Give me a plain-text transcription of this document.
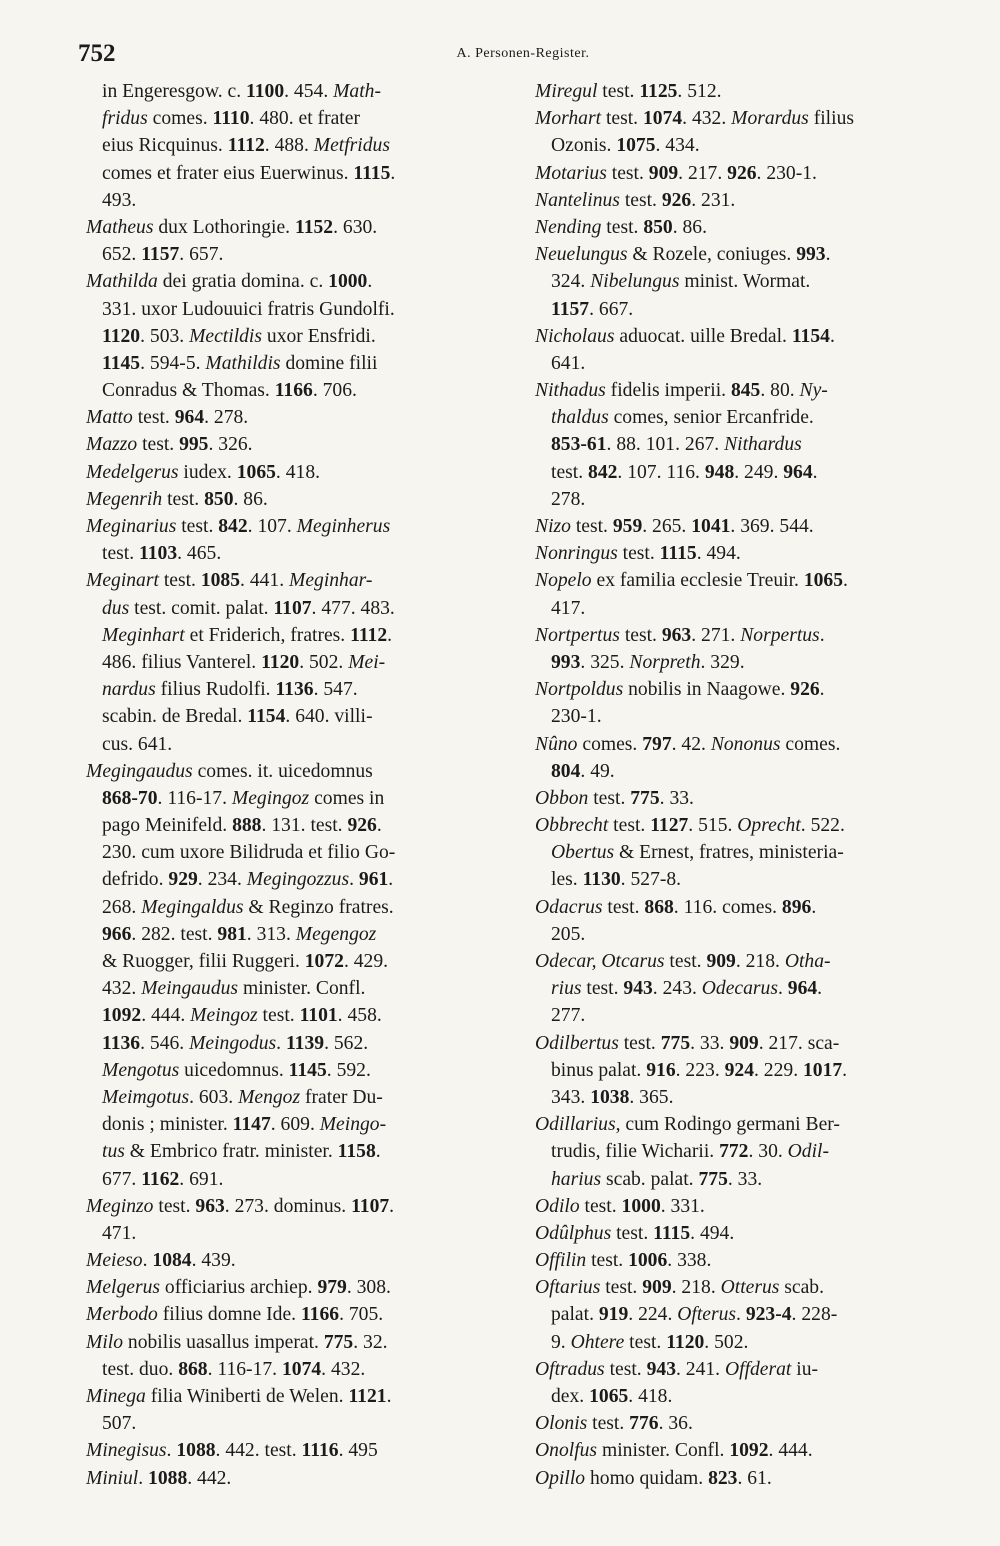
752	A. Personen-Register.
in Engeresgow. c. 1100. 454. Math-
fridus comes. 1110. 480. et frater
eius Ricquinus. 1112. 488. Metfridus
comes et frater eius Euerwinus. 1115.
493.
Matheus dux Lothoringie. 1152. 630.
652. 1157. 657.
Mathilda dei gratia domina. c. 1000.
331. uxor Ludouuici fratris Gundolfi.
1120. 503. Mectildis uxor Ensfridi.
1145. 594-5. Mathildis domine filii
Conradus & Thomas. 1166. 706.
Matto test. 964. 278.
Mazzo test. 995. 326.
Medelgerus iudex. 1065. 418.
Megenrih test. 850. 86.
Meginarius test. 842. 107. Meginherus
test. 1103. 465.
Meginart test. 1085. 441. Meginhar-
dus test. comit. palat. 1107. 477. 483.
Meginhart et Friderich, fratres. 1112.
486. filius Vanterel. 1120. 502. Mei-
nardus filius Rudolfi. 1136. 547.
scabin. de Bredal. 1154. 640. villi-
cus. 641.
Megingaudus comes. it. uicedomnus
868-70. 116-17. Megingoz comes in
pago Meinifeld. 888. 131. test. 926.
230. cum uxore Bilidruda et filio Go-
defrido. 929. 234. Megingozzus. 961.
268. Megingaldus & Reginzo fratres.
966. 282. test. 981. 313. Megengoz
& Ruogger, filii Ruggeri. 1072. 429.
432. Meingaudus minister. Confl.
1092. 444. Meingoz test. 1101. 458.
1136. 546. Meingodus. 1139. 562.
Mengotus uicedomnus. 1145. 592.
Meimgotus. 603. Mengoz frater Du-
donis ; minister. 1147. 609. Meingo-
tus & Embrico fratr. minister. 1158.
677. 1162. 691.
Meginzo test. 963. 273. dominus. 1107.
471.
Meieso. 1084. 439.
Melgerus officiarius archiep. 979. 308.
Merbodo filius domne Ide. 1166. 705.
Milo nobilis uasallus imperat. 775. 32.
test. duo. 868. 116-17. 1074. 432.
Minega filia Winiberti de Welen. 1121.
507.
Minegisus. 1088. 442. test. 1116. 495
Miniul. 1088. 442.
Miregul test. 1125. 512.
Morhart test. 1074. 432. Morardus filius
Ozonis. 1075. 434.
Motarius test. 909. 217. 926. 230-1.
Nantelinus test. 926. 231.
Nending test. 850. 86.
Neuelungus & Rozele, coniuges. 993.
324. Nibelungus minist. Wormat.
1157. 667.
Nicholaus aduocat. uille Bredal. 1154.
641.
Nithadus fidelis imperii. 845. 80. Ny-
thaldus comes, senior Ercanfride.
853-61. 88. 101. 267. Nithardus
test. 842. 107. 116. 948. 249. 964.
278.
Nizo test. 959. 265. 1041. 369. 544.
Nonringus test. 1115. 494.
Nopelo ex familia ecclesie Treuir. 1065.
417.
Nortpertus test. 963. 271. Norpertus.
993. 325. Norpreth. 329.
Nortpoldus nobilis in Naagowe. 926.
230-1.
Nûno comes. 797. 42. Nononus comes.
804. 49.
Obbon test. 775. 33.
Obbrecht test. 1127. 515. Oprecht. 522.
Obertus & Ernest, fratres, ministeria-
les. 1130. 527-8.
Odacrus test. 868. 116. comes. 896.
205.
Odecar, Otcarus test. 909. 218. Otha-
rius test. 943. 243. Odecarus. 964.
277.
Odilbertus test. 775. 33. 909. 217. sca-
binus palat. 916. 223. 924. 229. 1017.
343. 1038. 365.
Odillarius, cum Rodingo germani Ber-
trudis, filie Wicharii. 772. 30. Odil-
harius scab. palat. 775. 33.
Odilo test. 1000. 331.
Odûlphus test. 1115. 494.
Offilin test. 1006. 338.
Oftarius test. 909. 218. Otterus scab.
palat. 919. 224. Ofterus. 923-4. 228-
9. Ohtere test. 1120. 502.
Oftradus test. 943. 241. Offderat iu-
dex. 1065. 418.
Olonis test. 776. 36.
Onolfus minister. Confl. 1092. 444.
Opillo homo quidam. 823. 61.
